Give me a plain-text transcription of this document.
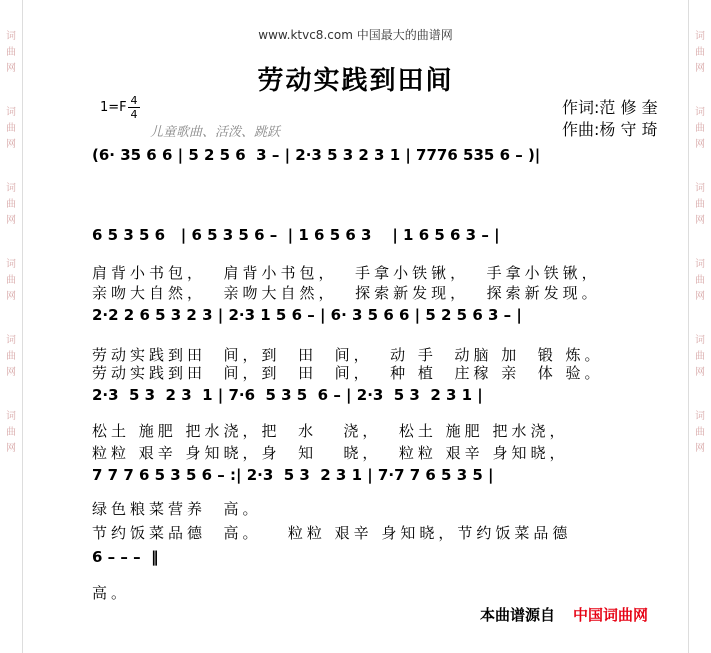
词
曲
网
词
曲
网
词
曲
网
词
曲
网
词
曲
网
词
曲
网
词
曲
网
词
曲
网
词
曲
网
词
曲
网
词
曲
网
词
曲
网
www.ktvc8.com 中国最大的曲谱网
劳动实践到田间
1=F 4
4
儿童歌曲、活泼、跳跃
作词:范 修 奎
作曲:杨 守 琦
(6· 35 6 6 | 5 2 5 6  3 – | 2·3 5 3 2 3 1 | 7776 535 6 – )|
6 5 3 5 6   | 6 5 3 5 6 –  | 1 6 5 6 3    | 1 6 5 6 3 – |
肩背小书包，  肩背小书包，  手拿小铁锹，  手拿小铁锹，
亲吻大自然，  亲吻大自然，  探索新发现，  探索新发现。
2·2 2 6 5 3 2 3 | 2·3 1 5 6 – | 6· 3 5 6 6 | 5 2 5 6 3 – |
劳动实践到田  间，到  田  间，  动 手  动脑 加  锻 炼。
劳动实践到田  间，到  田  间，  种 植  庄稼 亲  体 验。
2·3  5 3  2 3  1 | 7·6  5 3 5  6 – | 2·3  5 3  2 3 1 |
松土 施肥 把水浇，把  水   浇，  松土 施肥 把水浇，
粒粒 艰辛 身知晓，身  知   晓，  粒粒 艰辛 身知晓，
7 7 7 6 5 3 5 6 – :| 2·3  5 3  2 3 1 | 7·7 7 6 5 3 5 |
绿色粮菜营养  高。
节约饭菜品德  高。   粒粒 艰辛 身知晓，节约饭菜品德
6 – – –  ‖
高。
本曲谱源自 中国词曲网
